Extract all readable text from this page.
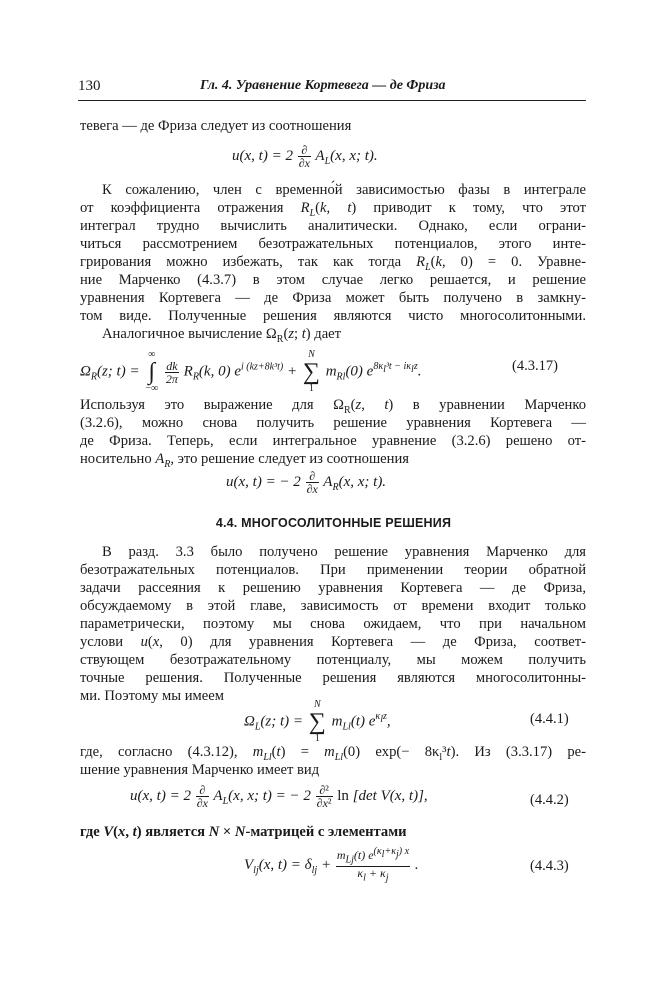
130	Гл. 4. Уравнение Кортевега — де Фриза
тевега — де Фриза следует из соотношения
u(x, $t) = 2 \frac{\partial}{\partial x} A_L(x$, x; t).
К сожалению, член с временно́й зависимостью фазы в интеграле
от коэффициента отражения $R_L(k$, t) приводит к тому, что этот
интеграл трудно вычислить аналитически. Однако, если ограни-
читься рассмотрением безотражательных потенциалов, этого инте-
грирования можно избежать, так как тогда $R_L(k$, 0) = 0. Уравне-
ние Марченко (4.3.7) в этом случае легко решается, и решение
уравнения Кортевега — де Фриза может быть получено в замкну-
том виде. Полученные решения являются чисто многосолитонными.
Аналогичное вычисление $\Omega_R(z$; t) дает
$\Omega_R(z$; t) =
∞
∫
−∞

$\frac{dk}{2\pi} R_R(k$, 0) $e^{i (kz+8k^3t)}$ +
N
∑
1
$m_{Rl}(0)$ $e^{8\kappa_l^3t - i\kappa_lz}$.	(4.3.17)
Используя это выражение для $\Omega_R(z$, t) в уравнении Марченко
(3.2.6), можно снова получить решение уравнения Кортевега —
де Фриза. Теперь, если интегральное уравнение (3.2.6) решено от-
носительно $A_R$, это решение следует из соотношения
u(x, t) = − $2 \frac{\partial}{\partial x} A_R(x$, x; t).
4.4. МНОГОСОЛИТОННЫЕ РЕШЕНИЯ
В разд. 3.3 было получено решение уравнения Марченко для
безотражательных потенциалов. При применении теории обратной
задачи рассеяния к решению уравнения Кортевега — де Фриза,
обсуждаемому в этой главе, зависимость от времени входит только
параметрически, поэтому мы снова ожидаем, что при начальном
услови u(x, 0) для уравнения Кортевега — де Фриза, соответ-
ствующем безотражательному потенциалу, мы можем получить
точные решения. Полученные решения являются многосолитонны-
ми. Поэтому мы имеем
$\Omega_L(z$; t) =
N
∑
1
$m_{Ll}(t)$ $e^{\kappa_lz}$,	(4.4.1)
где, согласно (4.3.12), $m_{Ll}(t) = m_{Ll}(0)$ $\exp(- 8\kappa_l^3t)$. Из (3.3.17) ре-
шение уравнения Марченко имеет вид
u(x, $t) = 2 \frac{\partial}{\partial x} A_L(x$, x; t) = − $2 \frac{\text{∂²}}{\text{∂x²}}$ ln [det V(x, t)],	(4.4.2)
где V(x, t) является N × N-матрицей с элементами
$V_{lj}(x$, $t) = \delta_{lj} + \frac{m_{Lj}(t) e^{(\kappa_l+\kappa_j) x}}{\kappa_l + \kappa_j}$ .	(4.4.3)
